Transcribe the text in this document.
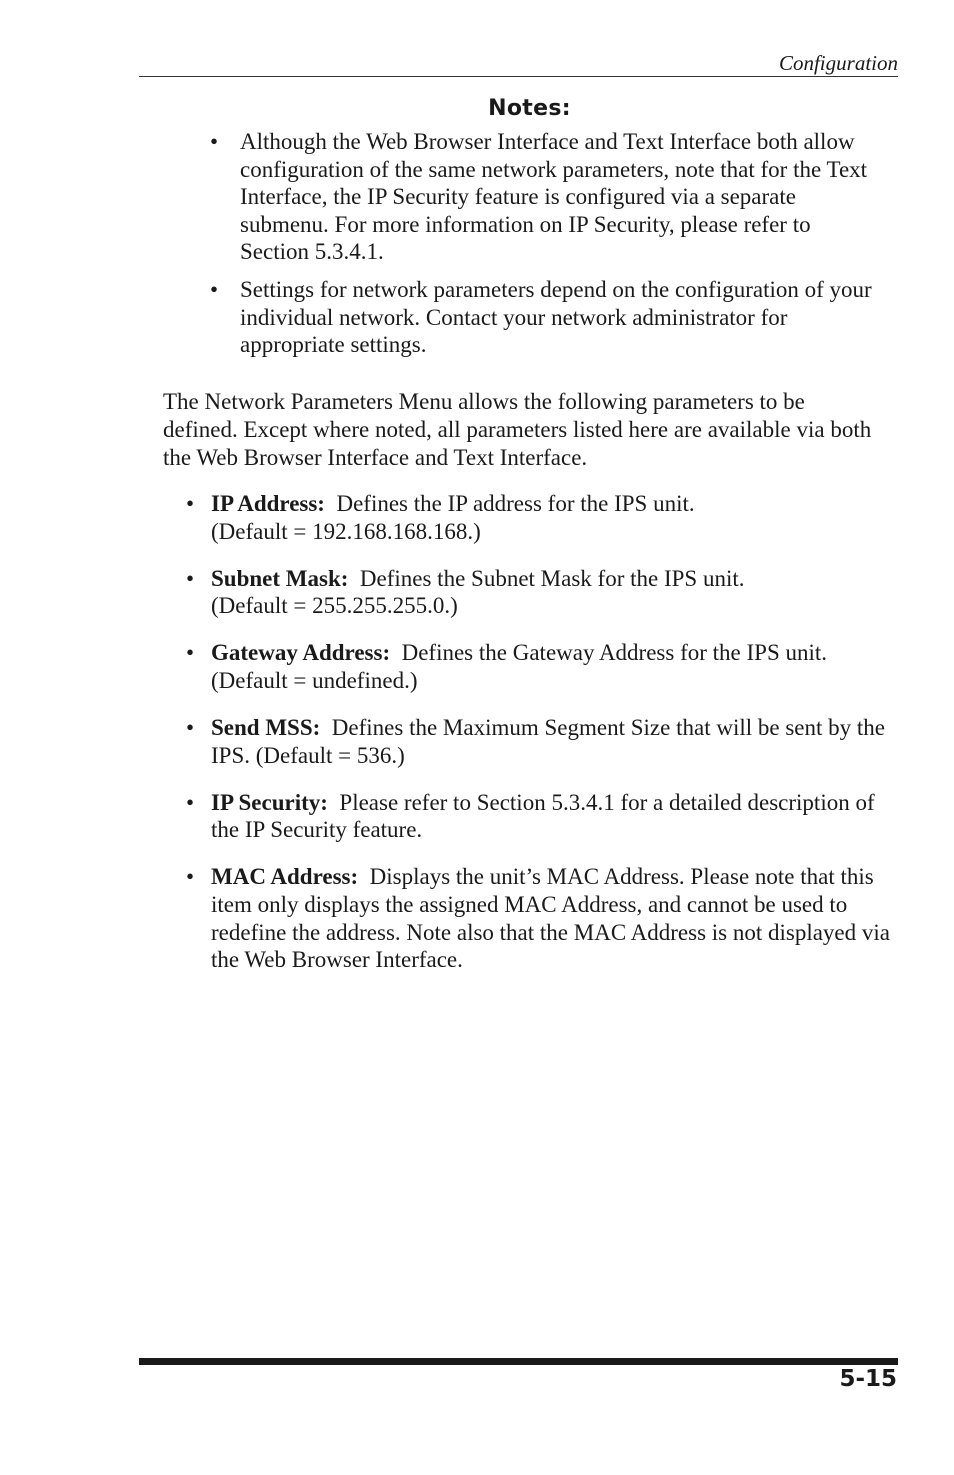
Configuration
Notes:
• Although the Web Browser Interface and Text Interface both allow configuration of the same network parameters, note that for the Text Interface, the IP Security feature is configured via a separate submenu. For more information on IP Security, please refer to Section 5.3.4.1.
• Settings for network parameters depend on the configuration of your individual network. Contact your network administrator for appropriate settings.

The Network Parameters Menu allows the following parameters to be defined. Except where noted, all parameters listed here are available via both the Web Browser Interface and Text Interface.

• IP Address: Defines the IP address for the IPS unit.
(Default = 192.168.168.168.)
• Subnet Mask: Defines the Subnet Mask for the IPS unit.
(Default = 255.255.255.0.)
• Gateway Address: Defines the Gateway Address for the IPS unit.
(Default = undefined.)
• Send MSS: Defines the Maximum Segment Size that will be sent by the IPS. (Default = 536.)
• IP Security: Please refer to Section 5.3.4.1 for a detailed description of the IP Security feature.
• MAC Address: Displays the unit’s MAC Address. Please note that this item only displays the assigned MAC Address, and cannot be used to redefine the address. Note also that the MAC Address is not displayed via the Web Browser Interface.
5-15
